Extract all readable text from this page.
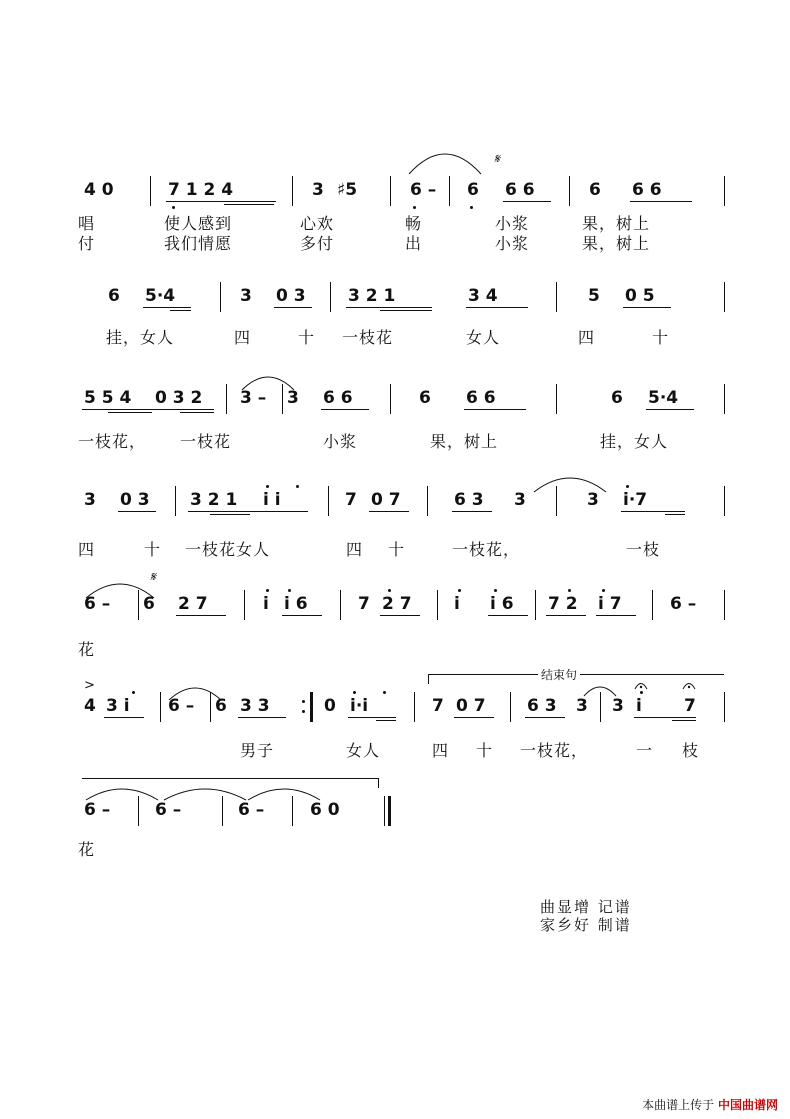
4 0	7 1 2 4	3 ♯5	6 – 6 6 6	6 6 6
𝄋
唱	使人感到	心欢	畅	小浆	果，树上
付	我们情愿	多付	出	小浆	果，树上
6 5·4	3 0 3 3 2 1	3 4	5 0 5
挂，女人	四	十 一枝花	女人	四	十
5 5 4 0 3 2 3 – 3 6 6	6 6 6	6 5·4
一枝花， 一枝花	小浆	果，树上	挂，女人
3 0 3 3 2 1 i i	7 0 7	6 3 3	3 i·7
四	十 一枝花女人	四 十	一枝花，	一枝
𝄋
6 – 6 2 7	i i 6	7 2 7 i i 6 7 2 i 7	6 –
花
结束句
>
4 3 i 6 – 6 3 3	0 i·i	7 0 7 6 3 3 3 i 7
男子	女人	四 十 一枝花，	一 枝
6 –	6 –	6 –	6 0
花
曲显增 记谱
家乡好 制谱
本曲谱上传于 中国曲谱网
